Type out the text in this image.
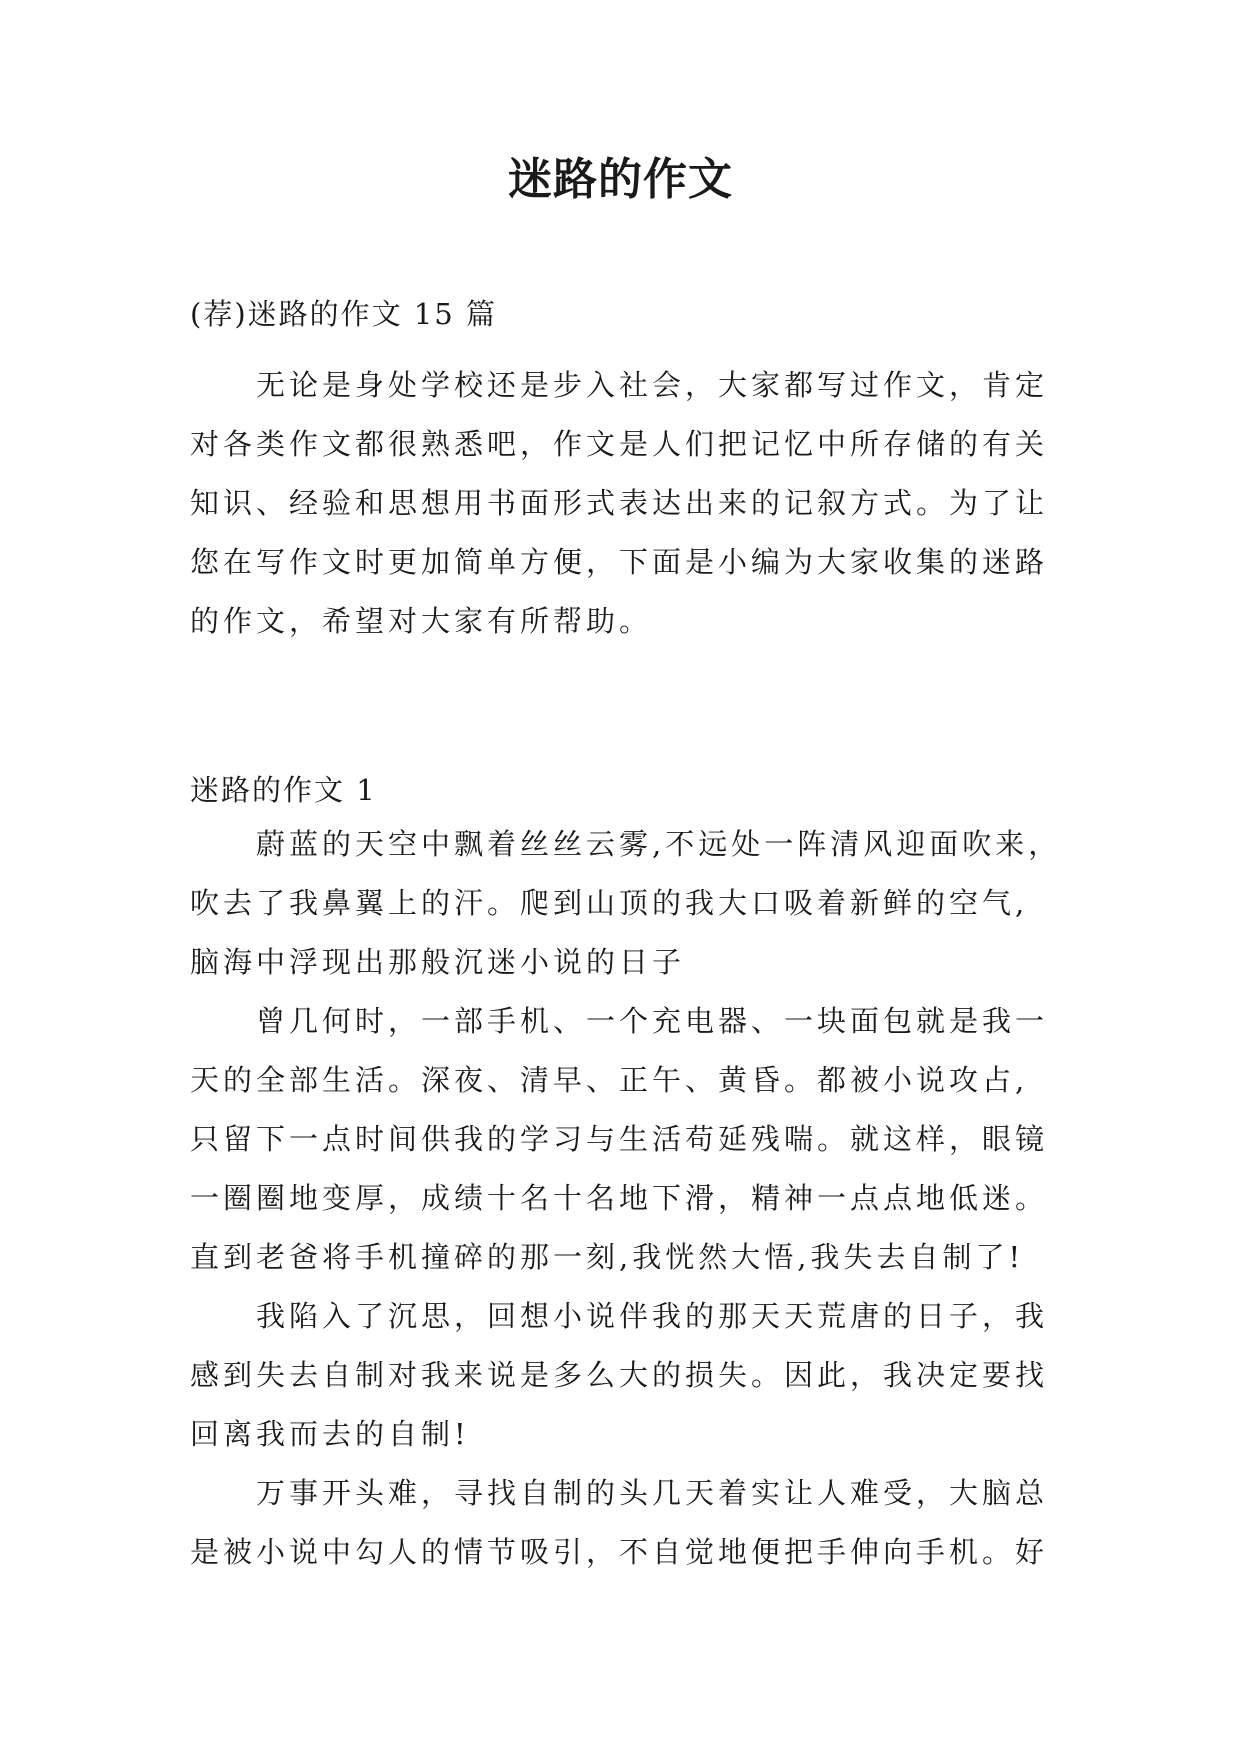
迷路的作文
(荐)迷路的作文 15 篇
无论是身处学校还是步入社会，大家都写过作文，肯定
对各类作文都很熟悉吧，作文是人们把记忆中所存储的有关
知识、经验和思想用书面形式表达出来的记叙方式。为了让
您在写作文时更加简单方便，下面是小编为大家收集的迷路
的作文，希望对大家有所帮助。
迷路的作文 1
蔚蓝的天空中飘着丝丝云雾,不远处一阵清风迎面吹来，
吹去了我鼻翼上的汗。爬到山顶的我大口吸着新鲜的空气,
脑海中浮现出那般沉迷小说的日子
曾几何时，一部手机、一个充电器、一块面包就是我一
天的全部生活。深夜、清早、正午、黄昏。都被小说攻占,
只留下一点时间供我的学习与生活苟延残喘。就这样，眼镜
一圈圈地变厚，成绩十名十名地下滑，精神一点点地低迷。
直到老爸将手机撞碎的那一刻,我恍然大悟,我失去自制了!
我陷入了沉思，回想小说伴我的那天天荒唐的日子，我
感到失去自制对我来说是多么大的损失。因此，我决定要找
回离我而去的自制!
万事开头难，寻找自制的头几天着实让人难受，大脑总
是被小说中勾人的情节吸引，不自觉地便把手伸向手机。好
